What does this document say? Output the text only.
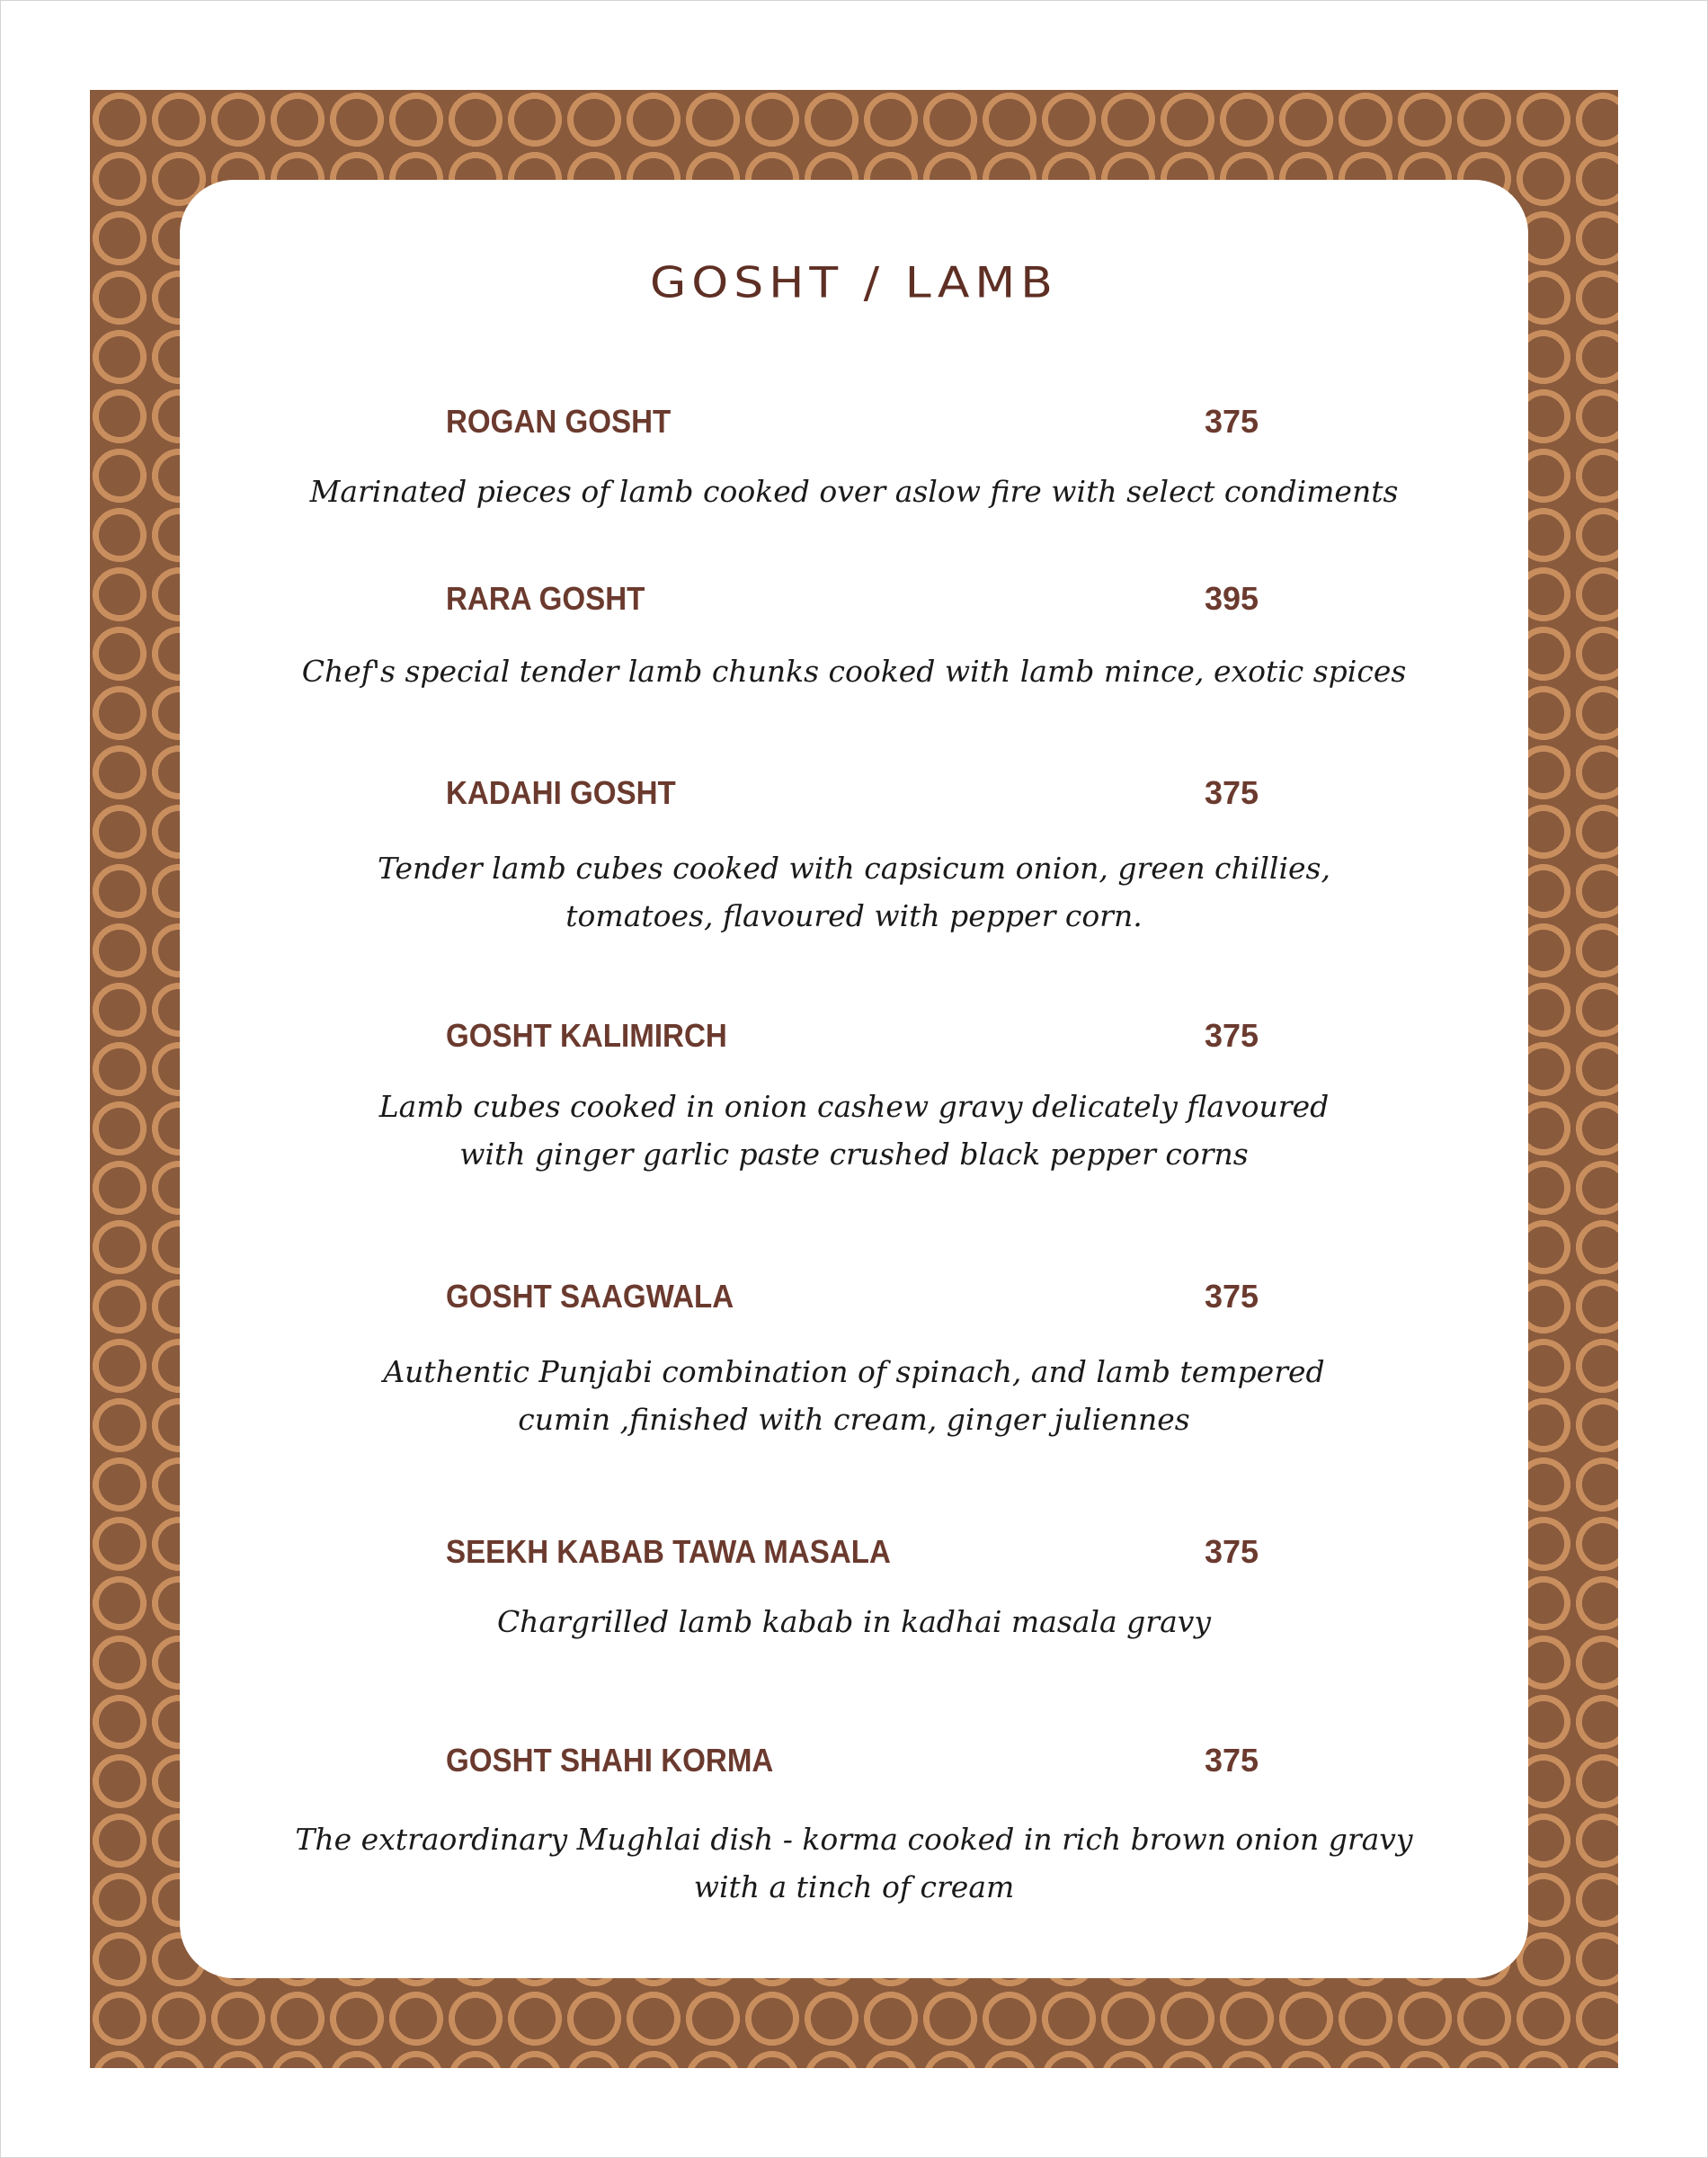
GOSHT / LAMB
ROGAN GOSHT	375
Marinated pieces of lamb cooked over aslow fire with select condiments
RARA GOSHT	395
Chef's special tender lamb chunks cooked with lamb mince, exotic spices
KADAHI GOSHT	375
Tender lamb cubes cooked with capsicum onion, green chillies,
tomatoes, flavoured with pepper corn.
GOSHT KALIMIRCH	375
Lamb cubes cooked in onion cashew gravy delicately flavoured
with ginger garlic paste crushed black pepper corns
GOSHT SAAGWALA	375
Authentic Punjabi combination of spinach, and lamb tempered
cumin ,finished with cream, ginger juliennes
SEEKH KABAB TAWA MASALA	375
Chargrilled lamb kabab in kadhai masala gravy
GOSHT SHAHI KORMA	375
The extraordinary Mughlai dish - korma cooked in rich brown onion gravy
with a tinch of cream
